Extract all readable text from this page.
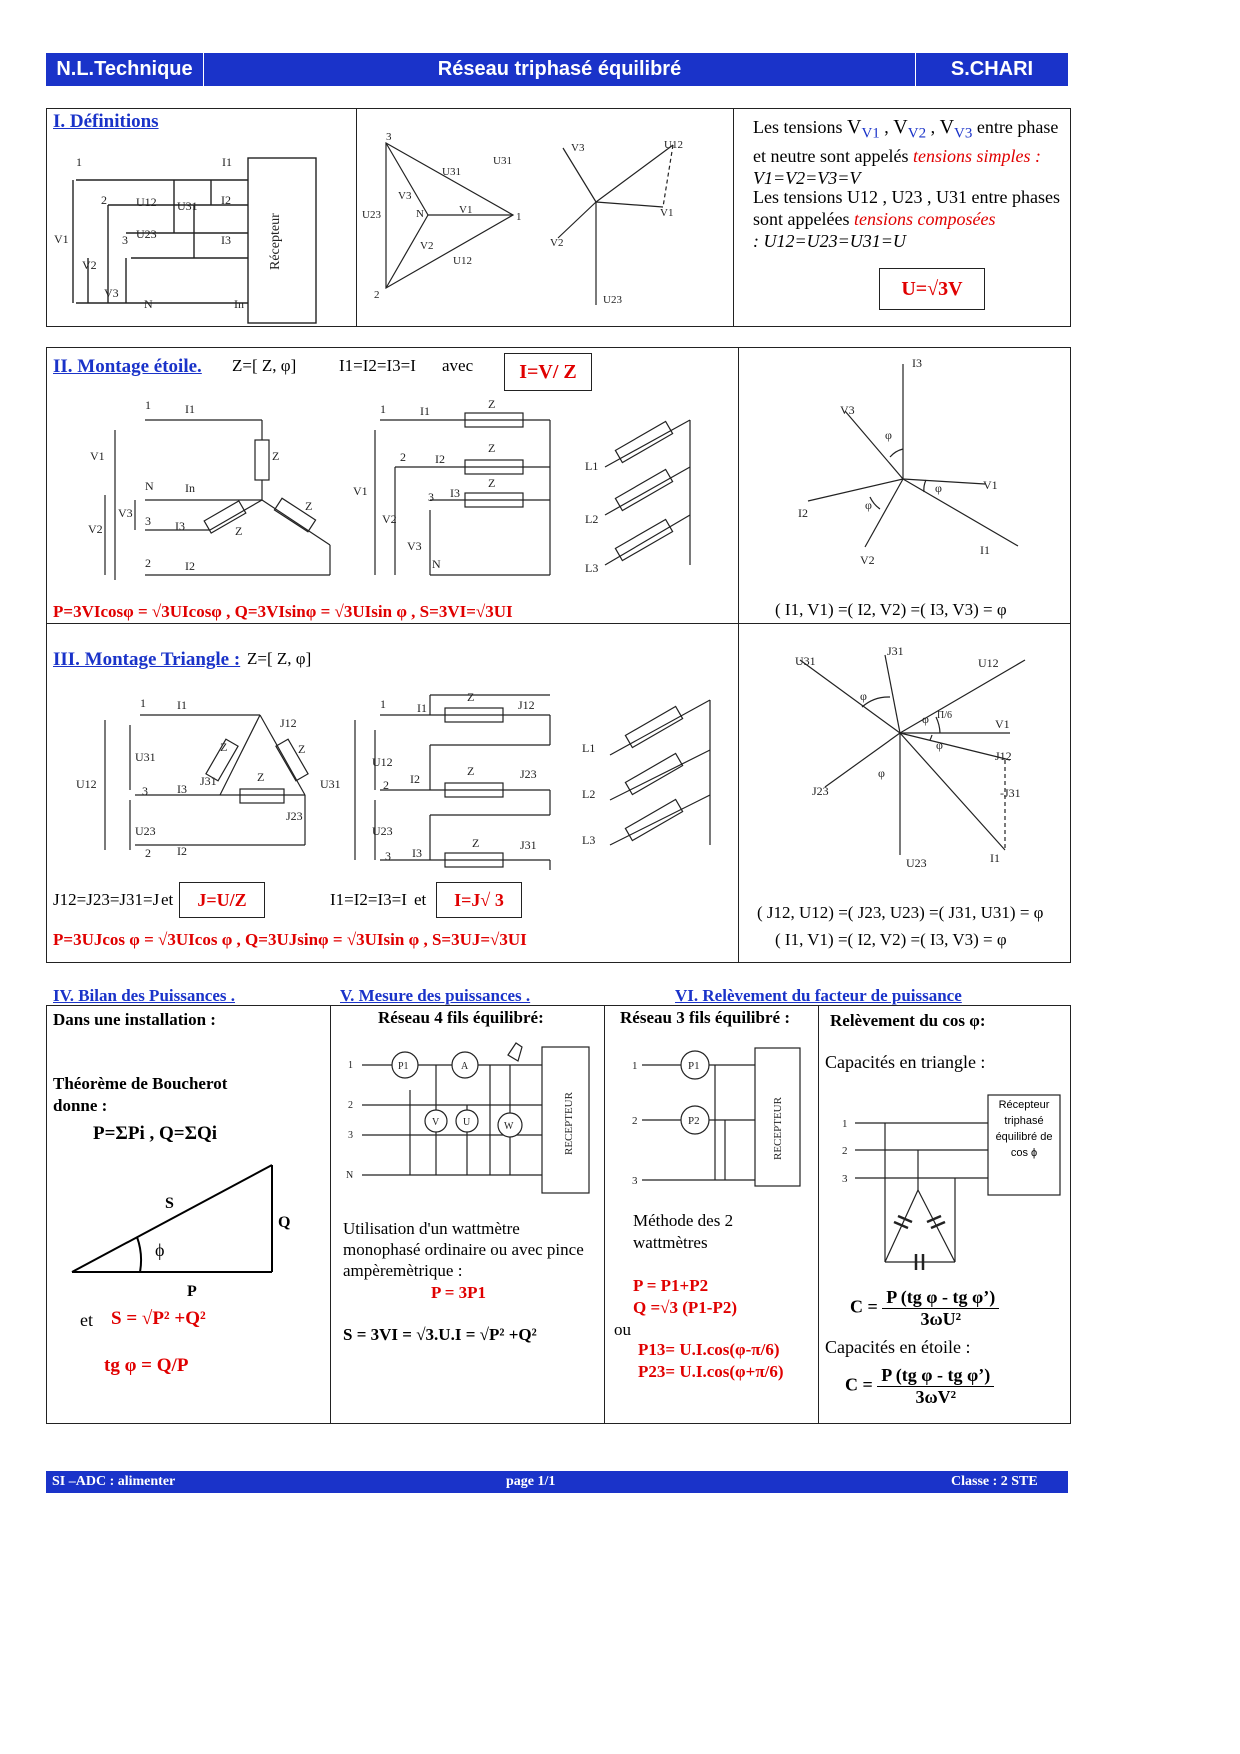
N.L.Technique	Réseau triphasé équilibré	S.CHARI
I. Définitions
1
2
3
N
I1
I2
I3
In
V1
V2
V3
U12 U31
U23	Récepteur
3
1
2
N
U31
U23
U12
V3
V1
V2
U31
V3	U12
V1
V2
U23
Les tensions $V_{V1}$ , $V_{V2}$ , $V_{V3}$ entre phase et neutre sont appelés tensions simples :
V1=V2=V3=V
Les tensions U12 , U23 , U31 entre phases sont appelées tensions composées
: U12=U23=U31=U
U=√3V
II. Montage étoile. Z=[ Z, φ]	I1=I2=I3=I avec	I=V/ Z
1	I1
Z
N	In
3 I3
2	I2
Z
Z
V1
V2
V3
1	I1	Z
2 I2
Z
3 I3
Z
N
V1
V2
V3
L1
L2
L3
P=3VIcosφ = √3UIcosφ , Q=3VIsinφ = √3UIsin φ , S=3VI=√3UI
I3
V3
φ
V1
φ
φ
I2
V2
I1
( I1, V1) =( I2, V2) =( I3, V3) = φ
III. Montage Triangle : Z=[ Z, φ]
1	I1
J12
Z	Z
Z
J31
3 I3
J23
2 I2
U31
U12
U23
1	I1
Z
J12
2 I2
Z	J23
3 I3
Z	J31
U12
U31
U23
L1
L2
L3
J12=J23=J31=J et	J=U/Z	I1=I2=I3=I et	I=J√ 3
P=3UJcos φ = √3UIcos φ , Q=3UJsinφ = √3UIsin φ , S=3UJ=√3UI
U31
J31
U12
φ
φ Π/6
V1
φ
J12
-J31
φ
J23
U23	I1
( J12, U12) =( J23, U23) =( J31, U31) = φ
( I1, V1) =( I2, V2) =( I3, V3) = φ
IV. Bilan des Puissances .	V. Mesure des puissances .	VI. Relèvement du facteur de puissance
Dans une installation :
Théorème de Boucherot donne :
P=ΣPi , Q=ΣQi
S
Q
P
ϕ
et S = √P² +Q²
tg φ = Q/P
Réseau 4 fils équilibré:
1
2
3
N
P1	A
V U	W	RECEPTEUR
Utilisation d'un wattmètre monophasé ordinaire ou avec pince ampèremètrique :
P = 3P1
S = 3VI = √3.U.I = √P² +Q²
Réseau 3 fils équilibré :
1
2
3
P1
P2	RECEPTEUR
Méthode des 2 wattmètres
P = P1+P2
Q =√3 (P1-P2)
ou
P13= U.I.cos(φ-π/6)
P23= U.I.cos(φ+π/6)
Relèvement du cos φ:
Capacités en triangle :
1
2
3
Récepteur triphasé équilibré de cos ϕ
$C = \frac{\text{P (tg φ - tg φ’)}}{\text{3ωU²}}$
Capacités en étoile :
$C = \frac{\text{P (tg φ - tg φ’)}}{\text{3ωV²}}$
SI –ADC : alimenter	page 1/1	Classe : 2 STE
